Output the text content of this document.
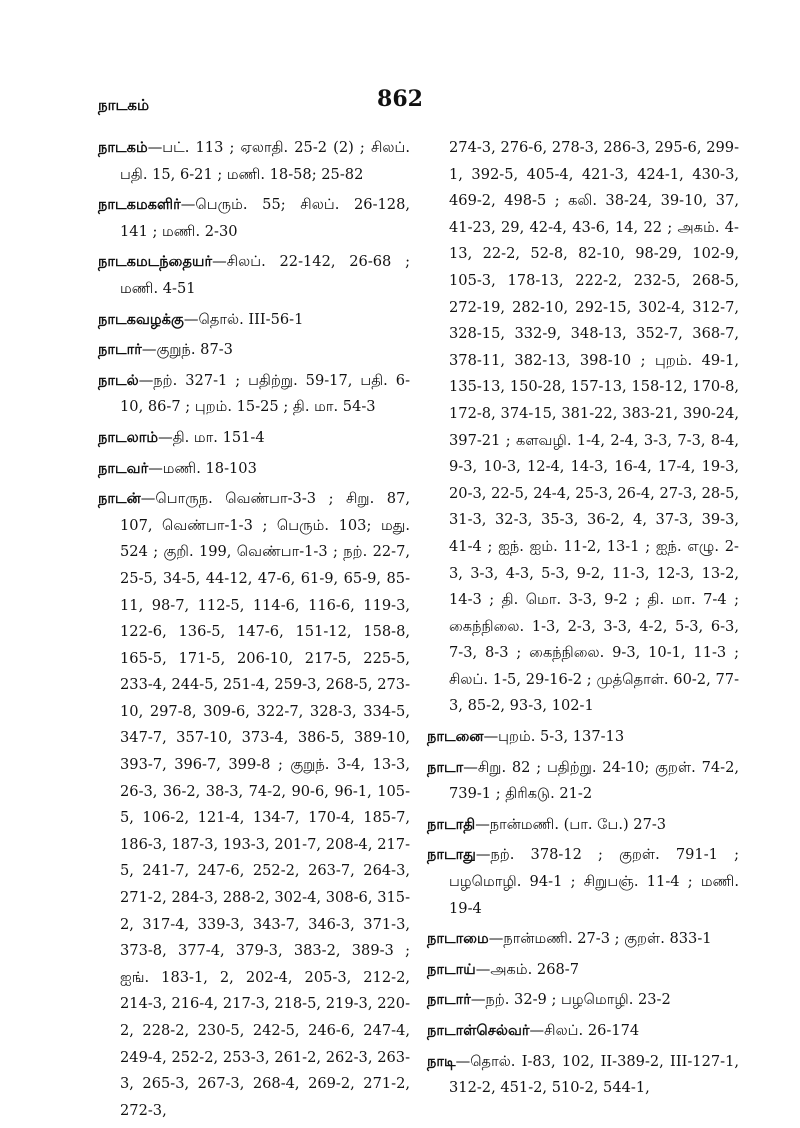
நாடகம்	862

நாடகம்—பட். 113 ; ஏலாதி. 25-2 (2) ; சிலப். பதி. 15, 6-21 ; மணி. 18-58; 25-82

நாடகமகளிர்—பெரும். 55; சிலப். 26-128, 141 ; மணி. 2-30

நாடகமடந்தையர்—சிலப். 22-142, 26-68 ; மணி. 4-51

நாடகவழக்கு—தொல். III-56-1

நாடார்—குறுந். 87-3

நாடல்—நற். 327-1 ; பதிற்று. 59-17, பதி. 6-10, 86-7 ; புறம். 15-25 ; தி. மா. 54-3

நாடலாம்—தி. மா. 151-4

நாடவர்—மணி. 18-103

நாடன்—பொருந. வெண்பா-3-3 ; சிறு. 87, 107, வெண்பா-1-3 ; பெரும். 103; மது. 524 ; குறி. 199, வெண்பா-1-3 ; நற். 22-7, 25-5, 34-5, 44-12, 47-6, 61-9, 65-9, 85-11, 98-7, 112-5, 114-6, 116-6, 119-3, 122-6, 136-5, 147-6, 151-12, 158-8, 165-5, 171-5, 206-10, 217-5, 225-5, 233-4, 244-5, 251-4, 259-3, 268-5, 273-10, 297-8, 309-6, 322-7, 328-3, 334-5, 347-7, 357-10, 373-4, 386-5, 389-10, 393-7, 396-7, 399-8 ; குறுந். 3-4, 13-3, 26-3, 36-2, 38-3, 74-2, 90-6, 96-1, 105-5, 106-2, 121-4, 134-7, 170-4, 185-7, 186-3, 187-3, 193-3, 201-7, 208-4, 217-5, 241-7, 247-6, 252-2, 263-7, 264-3, 271-2, 284-3, 288-2, 302-4, 308-6, 315-2, 317-4, 339-3, 343-7, 346-3, 371-3, 373-8, 377-4, 379-3, 383-2, 389-3 ; ஐங். 183-1, 2, 202-4, 205-3, 212-2, 214-3, 216-4, 217-3, 218-5, 219-3, 220-2, 228-2, 230-5, 242-5, 246-6, 247-4, 249-4, 252-2, 253-3, 261-2, 262-3, 263-3, 265-3, 267-3, 268-4, 269-2, 271-2, 272-3,

274-3, 276-6, 278-3, 286-3, 295-6, 299-1, 392-5, 405-4, 421-3, 424-1, 430-3, 469-2, 498-5 ; கலி. 38-24, 39-10, 37, 41-23, 29, 42-4, 43-6, 14, 22 ; அகம். 4-13, 22-2, 52-8, 82-10, 98-29, 102-9, 105-3, 178-13, 222-2, 232-5, 268-5, 272-19, 282-10, 292-15, 302-4, 312-7, 328-15, 332-9, 348-13, 352-7, 368-7, 378-11, 382-13, 398-10 ; புறம். 49-1, 135-13, 150-28, 157-13, 158-12, 170-8, 172-8, 374-15, 381-22, 383-21, 390-24, 397-21 ; களவழி. 1-4, 2-4, 3-3, 7-3, 8-4, 9-3, 10-3, 12-4, 14-3, 16-4, 17-4, 19-3, 20-3, 22-5, 24-4, 25-3, 26-4, 27-3, 28-5, 31-3, 32-3, 35-3, 36-2, 4, 37-3, 39-3, 41-4 ; ஐந். ஐம். 11-2, 13-1 ; ஐந். எழு. 2-3, 3-3, 4-3, 5-3, 9-2, 11-3, 12-3, 13-2, 14-3 ; தி. மொ. 3-3, 9-2 ; தி. மா. 7-4 ; கைந்நிலை. 1-3, 2-3, 3-3, 4-2, 5-3, 6-3, 7-3, 8-3 ; கைந்நிலை. 9-3, 10-1, 11-3 ; சிலப். 1-5, 29-16-2 ; முத்தொள். 60-2, 77-3, 85-2, 93-3, 102-1

நாடனை—புறம். 5-3, 137-13

நாடா—சிறு. 82 ; பதிற்று. 24-10; குறள். 74-2, 739-1 ; திரிகடு. 21-2

நாடாதி—நான்மணி. (பா. பே.) 27-3

நாடாது—நற். 378-12 ; குறள். 791-1 ; பழமொழி. 94-1 ; சிறுபஞ். 11-4 ; மணி. 19-4

நாடாமை—நான்மணி. 27-3 ; குறள். 833-1

நாடாய்—அகம். 268-7

நாடார்—நற். 32-9 ; பழமொழி. 23-2

நாடாள்செல்வர்—சிலப். 26-174

நாடி—தொல். I-83, 102, II-389-2, III-127-1, 312-2, 451-2, 510-2, 544-1,
